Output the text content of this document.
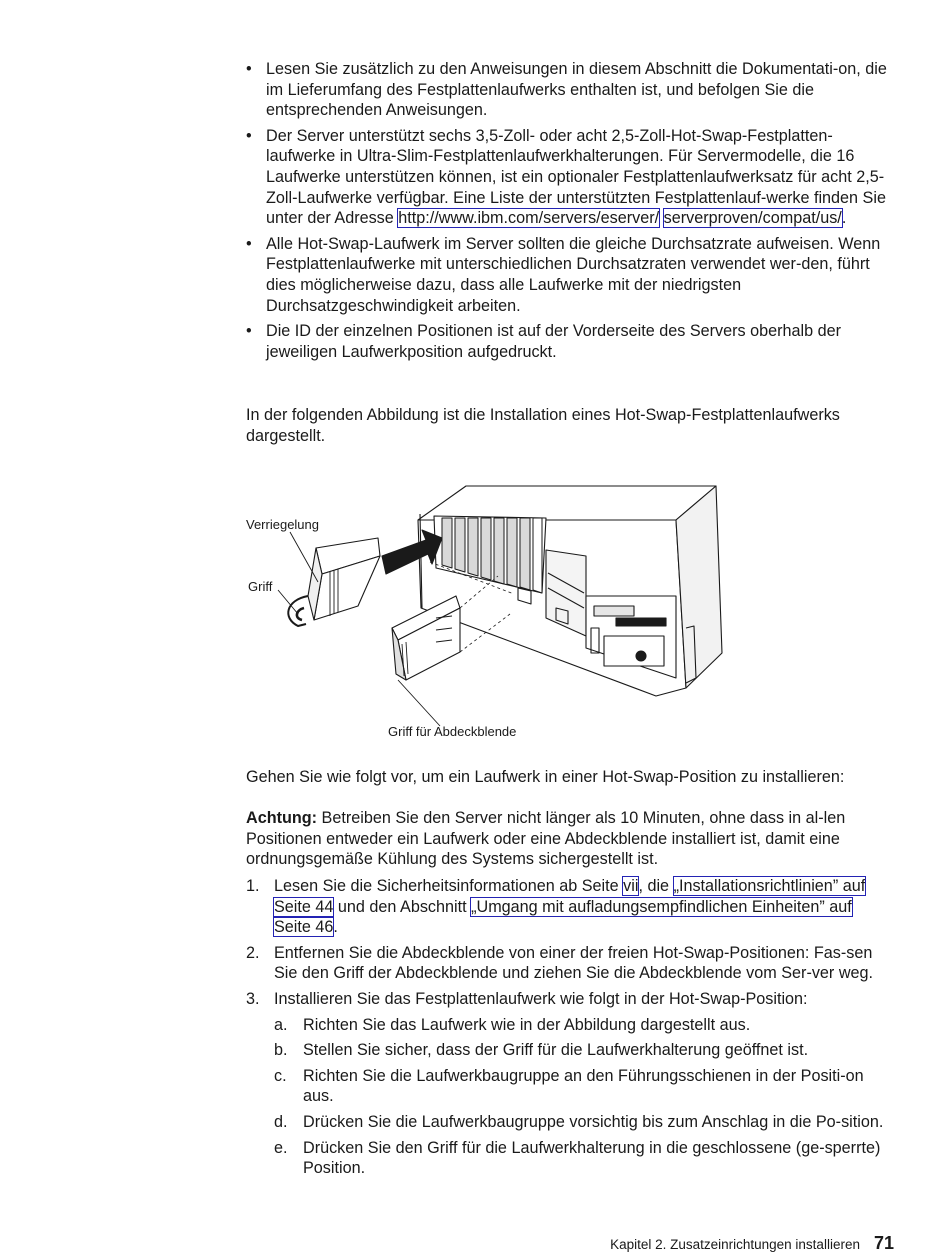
• Lesen Sie zusätzlich zu den Anweisungen in diesem Abschnitt die Dokumentati-on, die im Lieferumfang des Festplattenlaufwerks enthalten ist, und befolgen Sie die entsprechenden Anweisungen.
• Der Server unterstützt sechs 3,5-Zoll- oder acht 2,5-Zoll-Hot-Swap-Festplatten-laufwerke in Ultra-Slim-Festplattenlaufwerkhalterungen. Für Servermodelle, die 16 Laufwerke unterstützen können, ist ein optionaler Festplattenlaufwerksatz für acht 2,5-Zoll-Laufwerke verfügbar. Eine Liste der unterstützten Festplattenlauf-werke finden Sie unter der Adresse http://www.ibm.com/servers/eserver/ serverproven/compat/us/.
• Alle Hot-Swap-Laufwerk im Server sollten die gleiche Durchsatzrate aufweisen. Wenn Festplattenlaufwerke mit unterschiedlichen Durchsatzraten verwendet wer-den, führt dies möglicherweise dazu, dass alle Laufwerke mit der niedrigsten Durchsatzgeschwindigkeit arbeiten.
• Die ID der einzelnen Positionen ist auf der Vorderseite des Servers oberhalb der jeweiligen Laufwerkposition aufgedruckt.

In der folgenden Abbildung ist die Installation eines Hot-Swap-Festplattenlaufwerks dargestellt.

Verriegelung
Griff
Griff für Abdeckblende

Gehen Sie wie folgt vor, um ein Laufwerk in einer Hot-Swap-Position zu installieren:

Achtung: Betreiben Sie den Server nicht länger als 10 Minuten, ohne dass in al-len Positionen entweder ein Laufwerk oder eine Abdeckblende installiert ist, damit eine ordnungsgemäße Kühlung des Systems sichergestellt ist.

1. Lesen Sie die Sicherheitsinformationen ab Seite vii, die „Installationsrichtlinien” auf Seite 44 und den Abschnitt „Umgang mit aufladungsempfindlichen Einheiten” auf Seite 46.
2. Entfernen Sie die Abdeckblende von einer der freien Hot-Swap-Positionen: Fas-sen Sie den Griff der Abdeckblende und ziehen Sie die Abdeckblende vom Ser-ver weg.
3. Installieren Sie das Festplattenlaufwerk wie folgt in der Hot-Swap-Position:
a. Richten Sie das Laufwerk wie in der Abbildung dargestellt aus.
b. Stellen Sie sicher, dass der Griff für die Laufwerkhalterung geöffnet ist.
c. Richten Sie die Laufwerkbaugruppe an den Führungsschienen in der Positi-on aus.
d. Drücken Sie die Laufwerkbaugruppe vorsichtig bis zum Anschlag in die Po-sition.
e. Drücken Sie den Griff für die Laufwerkhalterung in die geschlossene (ge-sperrte) Position.
Kapitel 2. Zusatzeinrichtungen installieren 71
